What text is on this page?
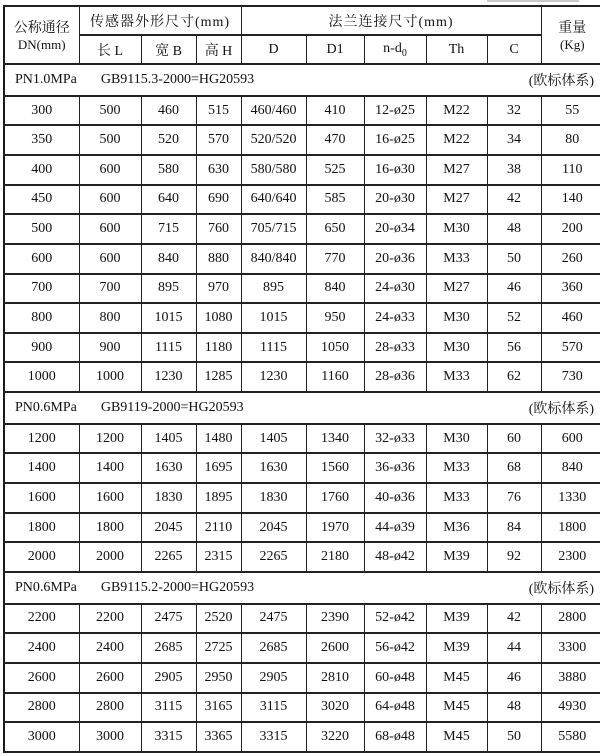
公称通径
DN(mm)
	传感器外形尺寸(mm)	法兰连接尺寸(mm)	重量
(Kg)

	长 L	宽 B	高 H	D	D1	$n-d_0$	Th	C	

PN1.0MPa GB9115.3-2000=HG20593 (欧标体系)									

300	500	460	515	460/460	410	12-ø25	M22	32	55
350	500	520	570	520/520	470	16-ø25	M22	34	80
400	600	580	630	580/580	525	16-ø30	M27	38	110
450	600	640	690	640/640	585	20-ø30	M27	42	140
500	600	715	760	705/715	650	20-ø34	M30	48	200
600	600	840	880	840/840	770	20-ø36	M33	50	260
700	700	895	970	895	840	24-ø30	M27	46	360
800	800	1015	1080	1015	950	24-ø33	M30	52	460
900	900	1115	1180	1115	1050	28-ø33	M30	56	570
1000	1000	1230	1285	1230	1160	28-ø36	M33	62	730

PN0.6MPa GB9119-2000=HG20593 (欧标体系)									

1200	1200	1405	1480	1405	1340	32-ø33	M30	60	600
1400	1400	1630	1695	1630	1560	36-ø36	M33	68	840
1600	1600	1830	1895	1830	1760	40-ø36	M33	76	1330
1800	1800	2045	2110	2045	1970	44-ø39	M36	84	1800
2000	2000	2265	2315	2265	2180	48-ø42	M39	92	2300

PN0.6MPa GB9115.2-2000=HG20593 (欧标体系)									

2200	2200	2475	2520	2475	2390	52-ø42	M39	42	2800
2400	2400	2685	2725	2685	2600	56-ø42	M39	44	3300
2600	2600	2905	2950	2905	2810	60-ø48	M45	46	3880
2800	2800	3115	3165	3115	3020	64-ø48	M45	48	4930
3000	3000	3315	3365	3315	3220	68-ø48	M45	50	5580
